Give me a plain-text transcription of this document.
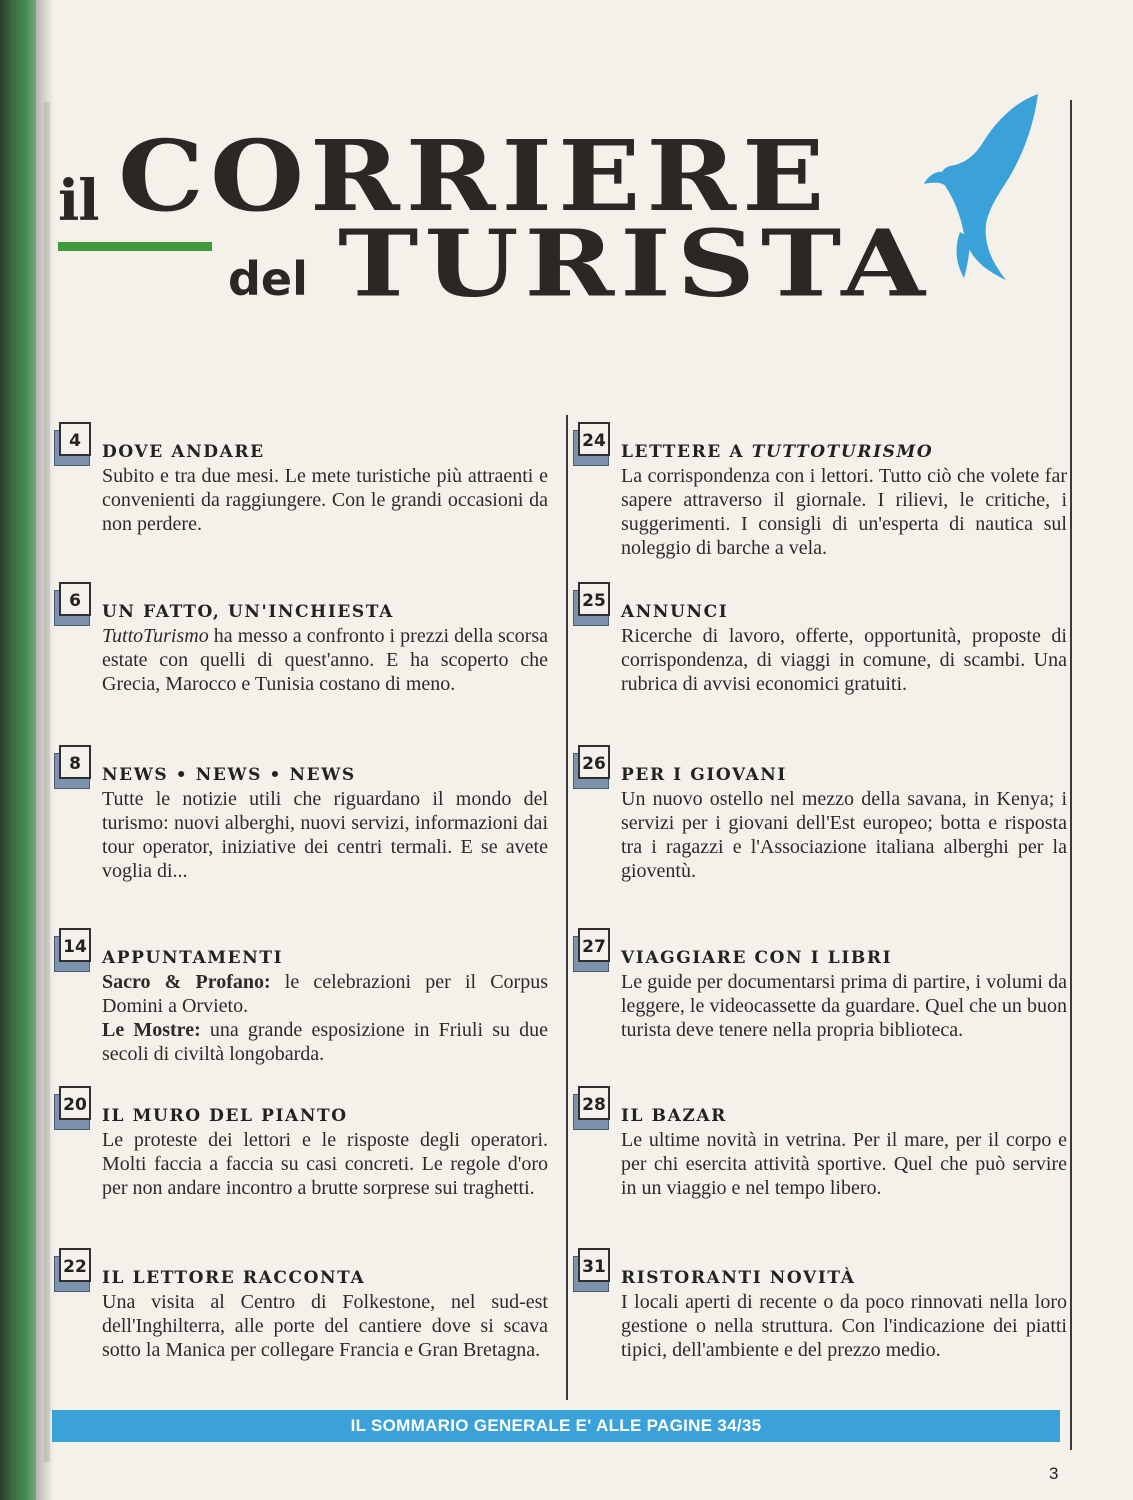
il CORRIERE
del TURISTA
4
DOVE ANDARE
Subito e tra due mesi. Le mete turistiche più attraenti e convenienti da raggiungere. Con le grandi occasioni da non perdere.
6
UN FATTO, UN'INCHIESTA
TuttoTurismo ha messo a confronto i prezzi della scorsa estate con quelli di quest'anno. E ha scoperto che Grecia, Marocco e Tunisia costano di meno.
8
NEWS • NEWS • NEWS
Tutte le notizie utili che riguardano il mondo del turismo: nuovi alberghi, nuovi servizi, informazioni dai tour operator, iniziative dei centri termali. E se avete voglia di...
14
APPUNTAMENTI
Sacro & Profano: le celebrazioni per il Corpus Domini a Orvieto.
Le Mostre: una grande esposizione in Friuli su due secoli di civiltà longobarda.
20
IL MURO DEL PIANTO
Le proteste dei lettori e le risposte degli operatori. Molti faccia a faccia su casi concreti. Le regole d'oro per non andare incontro a brutte sorprese sui traghetti.
22
IL LETTORE RACCONTA
Una visita al Centro di Folkestone, nel sud-est dell'Inghilterra, alle porte del cantiere dove si scava sotto la Manica per collegare Francia e Gran Bretagna.
24
LETTERE A TUTTOTURISMO
La corrispondenza con i lettori. Tutto ciò che volete far sapere attraverso il giornale. I rilievi, le critiche, i suggerimenti. I consigli di un'esperta di nautica sul noleggio di barche a vela.
25
ANNUNCI
Ricerche di lavoro, offerte, opportunità, proposte di corrispondenza, di viaggi in comune, di scambi. Una rubrica di avvisi economici gratuiti.
26
PER I GIOVANI
Un nuovo ostello nel mezzo della savana, in Kenya; i servizi per i giovani dell'Est europeo; botta e risposta tra i ragazzi e l'Associazione italiana alberghi per la gioventù.
27
VIAGGIARE CON I LIBRI
Le guide per documentarsi prima di partire, i volumi da leggere, le videocassette da guardare. Quel che un buon turista deve tenere nella propria biblioteca.
28
IL BAZAR
Le ultime novità in vetrina. Per il mare, per il corpo e per chi esercita attività sportive. Quel che può servire in un viaggio e nel tempo libero.
31
RISTORANTI NOVITÀ
I locali aperti di recente o da poco rinnovati nella loro gestione o nella struttura. Con l'indicazione dei piatti tipici, dell'ambiente e del prezzo medio.
IL SOMMARIO GENERALE E' ALLE PAGINE 34/35
3
